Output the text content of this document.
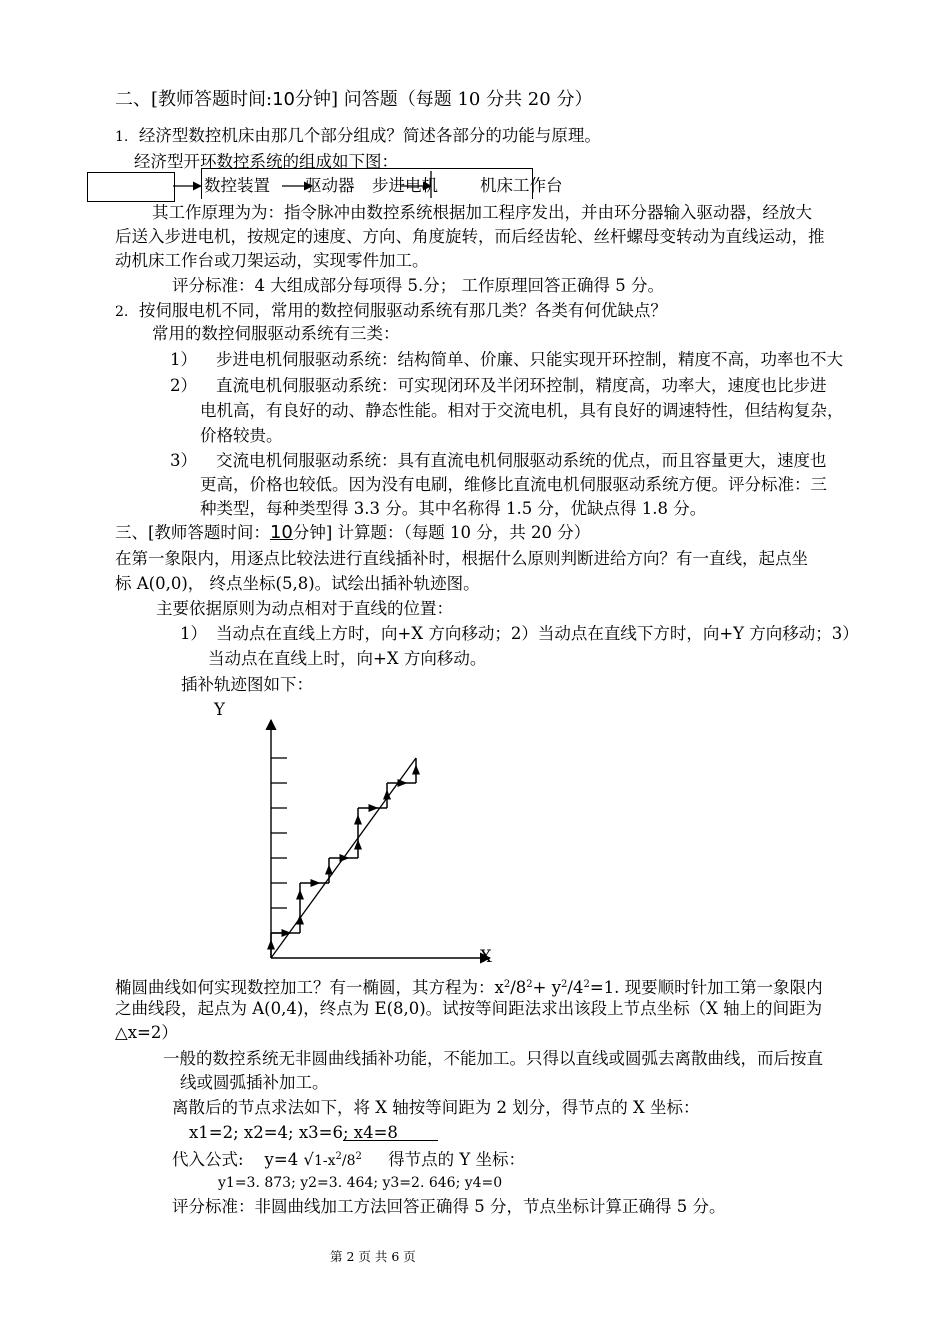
二、[教师答题时间:10分钟] 问答题（每题 10 分共 20 分）
1. 经济型数控机床由那几个部分组成？简述各部分的功能与原理。
经济型开环数控系统的组成如下图：
数控装置 驱动器 步进电机	机床工作台
其工作原理为为：指令脉冲由数控系统根据加工程序发出，并由环分器输入驱动器，经放大
后送入步进电机，按规定的速度、方向、角度旋转，而后经齿轮、丝杆螺母变转动为直线运动，推
动机床工作台或刀架运动，实现零件加工。
评分标准：4 大组成部分每项得 5.分； 工作原理回答正确得 5 分。
2. 按伺服电机不同，常用的数控伺服驱动系统有那几类？各类有何优缺点？
常用的数控伺服驱动系统有三类：
1） 步进电机伺服驱动系统：结构简单、价廉、只能实现开环控制，精度不高，功率也不大
2） 直流电机伺服驱动系统：可实现闭环及半闭环控制，精度高，功率大，速度也比步进
电机高，有良好的动、静态性能。相对于交流电机，具有良好的调速特性，但结构复杂，
价格较贵。
3） 交流电机伺服驱动系统：具有直流电机伺服驱动系统的优点，而且容量更大，速度也
更高，价格也较低。因为没有电刷，维修比直流电机伺服驱动系统方便。评分标准：三
种类型，每种类型得 3.3 分。其中名称得 1.5 分，优缺点得 1.8 分。
三、[教师答题时间：10分钟] 计算题：（每题 10 分，共 20 分）
在第一象限内，用逐点比较法进行直线插补时，根据什么原则判断进给方向？有一直线，起点坐
标 A(0,0)， 终点坐标(5,8)。试绘出插补轨迹图。
主要依据原则为动点相对于直线的位置：
1） 当动点在直线上方时，向+X 方向移动；2）当动点在直线下方时，向+Y 方向移动；3）
当动点在直线上时，向+X 方向移动。
插补轨迹图如下：
Y
X
椭圆曲线如何实现数控加工？有一椭圆，其方程为：$x^2/8^2+ y^2/4^2=1$. 现要顺时针加工第一象限内
之曲线段，起点为 A(0,4)，终点为 E(8,0)。试按等间距法求出该段上节点坐标（X 轴上的间距为
△x=2）
一般的数控系统无非圆曲线插补功能，不能加工。只得以直线或圆弧去离散曲线，而后按直
线或圆弧插补加工。
离散后的节点求法如下，将 X 轴按等间距为 2 划分，得节点的 X 坐标：
x1=2; x2=4; x3=6; x4=8
代入公式: y=4 $√1-x^2/8^2$ 得节点的 Y 坐标：
y1=3. 873; y2=3. 464; y3=2. 646; y4=0
评分标准：非圆曲线加工方法回答正确得 5 分，节点坐标计算正确得 5 分。
第 2 页 共 6 页
